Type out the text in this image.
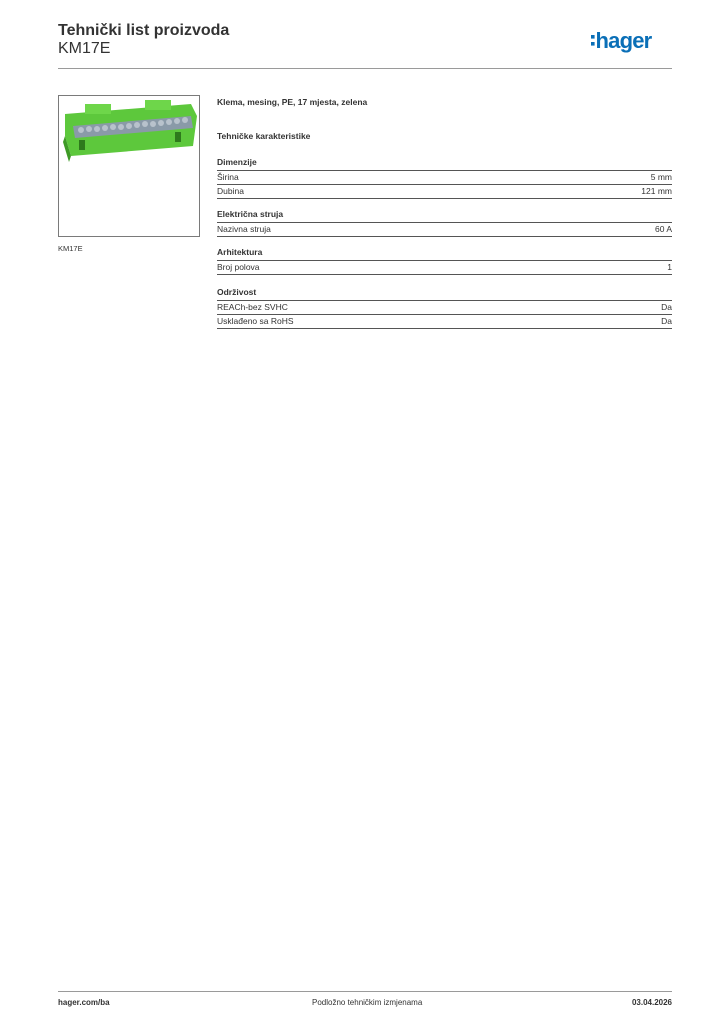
Tehnički list proizvoda
KM17E	hager
KM17E
Klema, mesing, PE, 17 mjesta, zelena
Tehničke karakteristike
Dimenzije
Širina	5 mm
Dubina	121 mm
Električna struja
Nazivna struja	60 A
Arhitektura
Broj polova	1
Održivost
REACh-bez SVHC	Da
Usklađeno sa RoHS	Da
hager.com/ba	Podložno tehničkim izmjenama	03.04.2026
